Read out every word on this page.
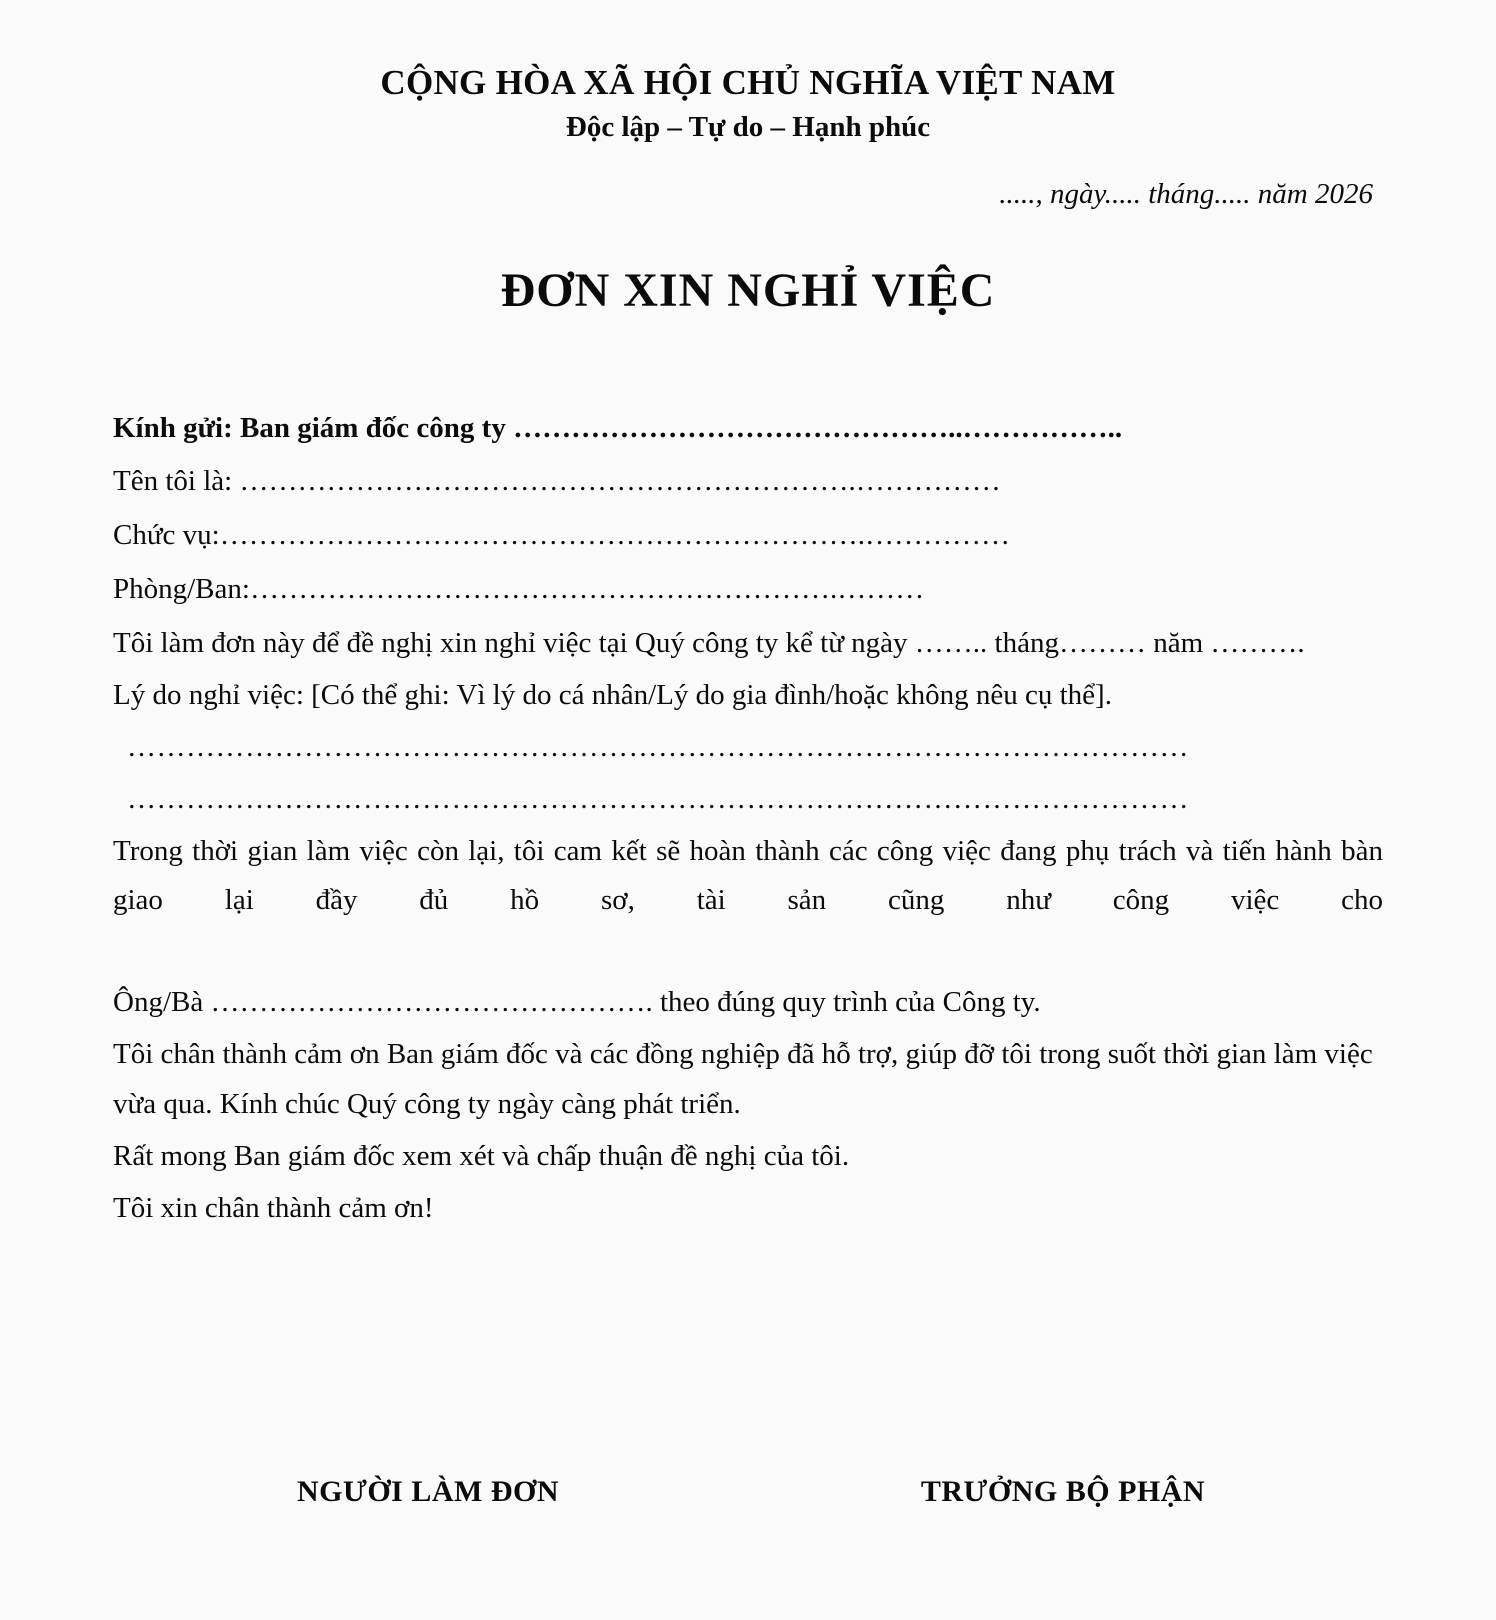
CỘNG HÒA XÃ HỘI CHỦ NGHĨA VIỆT NAM
Độc lập – Tự do – Hạnh phúc
....., ngày..... tháng..... năm 2026
ĐƠN XIN NGHỈ VIỆC
Kính gửi: Ban giám đốc công ty ………………………………………..……………..
Tên tôi là: ……………………………………………………….……………
Chức vụ:………………………………………………………….……………
Phòng/Ban:…………………………………………………….………
Tôi làm đơn này để đề nghị xin nghỉ việc tại Quý công ty kể từ ngày …….. tháng……… năm ……….
Lý do nghỉ việc: [Có thể ghi: Vì lý do cá nhân/Lý do gia đình/hoặc không nêu cụ thể].
………………………………………………………………………………………………
………………………………………………………………………………………………
Trong thời gian làm việc còn lại, tôi cam kết sẽ hoàn thành các công việc đang phụ trách và tiến hành bàn giao lại đầy đủ hồ sơ, tài sản cũng như công việc cho
Ông/Bà ………………………………………. theo đúng quy trình của Công ty.
Tôi chân thành cảm ơn Ban giám đốc và các đồng nghiệp đã hỗ trợ, giúp đỡ tôi trong suốt thời gian làm việc vừa qua. Kính chúc Quý công ty ngày càng phát triển.
Rất mong Ban giám đốc xem xét và chấp thuận đề nghị của tôi.
Tôi xin chân thành cảm ơn!
NGƯỜI LÀM ĐƠN	TRƯỞNG BỘ PHẬN
